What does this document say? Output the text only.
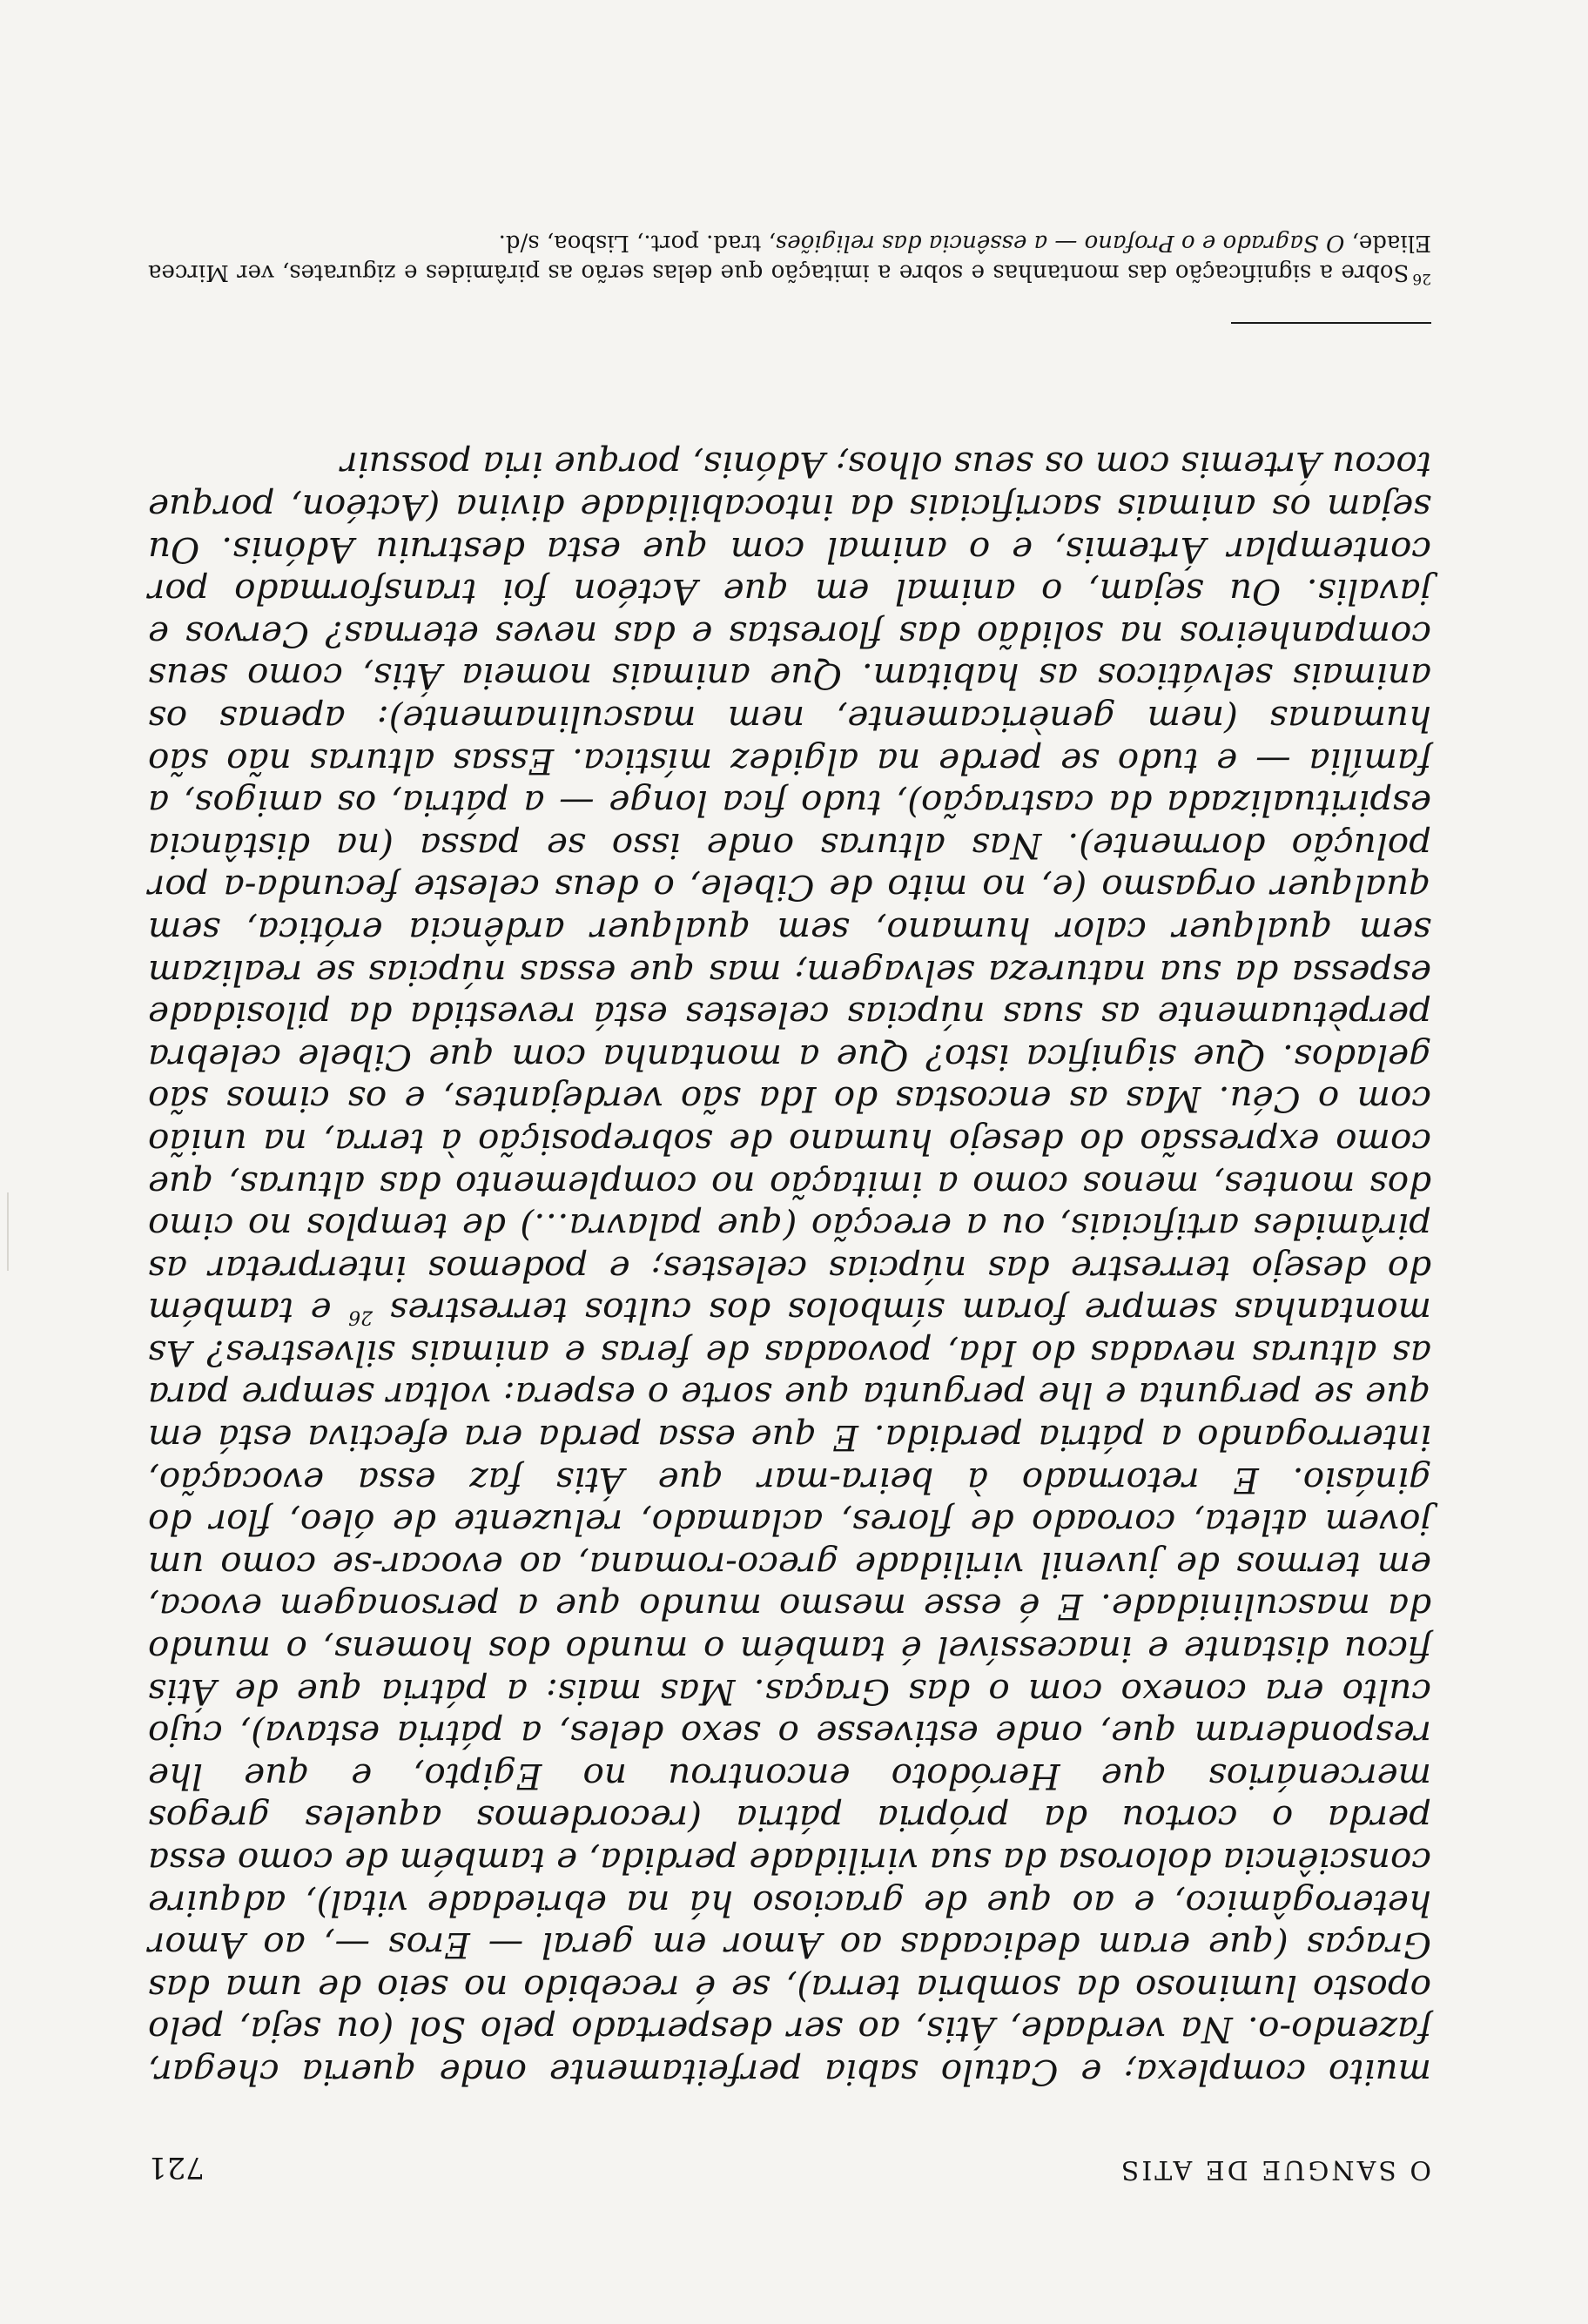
O SANGUE DE ATIS
721

muito complexa; e Catulo sabia perfeitamente onde queria chegar, fazendo-o. Na verdade, Átis, ao ser despertado pelo Sol (ou seja, pelo oposto luminoso da sombria terra), se é recebido no seio de uma das Graças (que eram dedicadas ao Amor em geral — Eros —, ao Amor heterogâmico, e ao que de gracioso há na ebriedade vital), adquire consciência dolorosa da sua virilidade perdida, e também de como essa perda o cortou da própria pátria (recordemos aqueles gregos mercenários que Heródoto encontrou no Egipto, e que lhe responderam que, onde estivesse o sexo deles, a pátria estava), cujo culto era conexo com o das Graças. Mas mais: a pátria que de Átis ficou distante e inacessível é também o mundo dos homens, o mundo da masculinidade. E é esse mesmo mundo que a personagem evoca, em termos de juvenil virilidade greco-romana, ao evocar-se como um jovem atleta, coroado de flores, aclamado, reluzente de óleo, flor do ginásio. E retornado à beira-mar que Átis faz essa evocação, interrogando a pátria perdida. E que essa perda era efectiva está em que se pergunta e lhe pergunta que sorte o espera: voltar sempre para as alturas nevadas do Ida, povoadas de feras e animais silvestres? As montanhas sempre foram símbolos dos cultos terrestres $^{26}$ e também do desejo terrestre das núpcias celestes; e podemos interpretar as pirâmides artificiais, ou a erecção (que palavra…) de templos no cimo dos montes, menos como a imitação no complemento das alturas, que como expressão do desejo humano de sobreposição à terra, na união com o Céu. Mas as encostas do Ida são verdejantes, e os cimos são gelados. Que significa isto? Que a montanha com que Cibele celebra perpètuamente as suas núpcias celestes está revestida da pilosidade espessa da sua natureza selvagem; mas que essas núpcias se realizam sem qualquer calor humano, sem qualquer ardência erótica, sem qualquer orgasmo (e, no mito de Cibele, o deus celeste fecunda-a por polução dormente). Nas alturas onde isso se passa (na distância espiritualizada da castração), tudo fica longe — a pátria, os amigos, a família — e tudo se perde na algidez mística. Essas alturas não são humanas (nem genèricamente, nem masculinamente): apenas os animais selváticos as habitam. Que animais nomeia Átis, como seus companheiros na solidão das florestas e das neves eternas? Cervos e javalis. Ou sejam, o animal em que Actéon foi transformado por contemplar Ártemis, e o animal com que esta destruiu Adónis. Ou sejam os animais sacrificiais da intocabilidade divina (Actéon, porque tocou Ártemis com os seus olhos; Adónis, porque iria possuir

$^{26}$Sobre a significação das montanhas e sobre a imitação que delas serão as pirâmides e zigurates, ver Mircea Eliade, O Sagrado e o Profano — a essência das religiões, trad. port., Lisboa, s/d.
